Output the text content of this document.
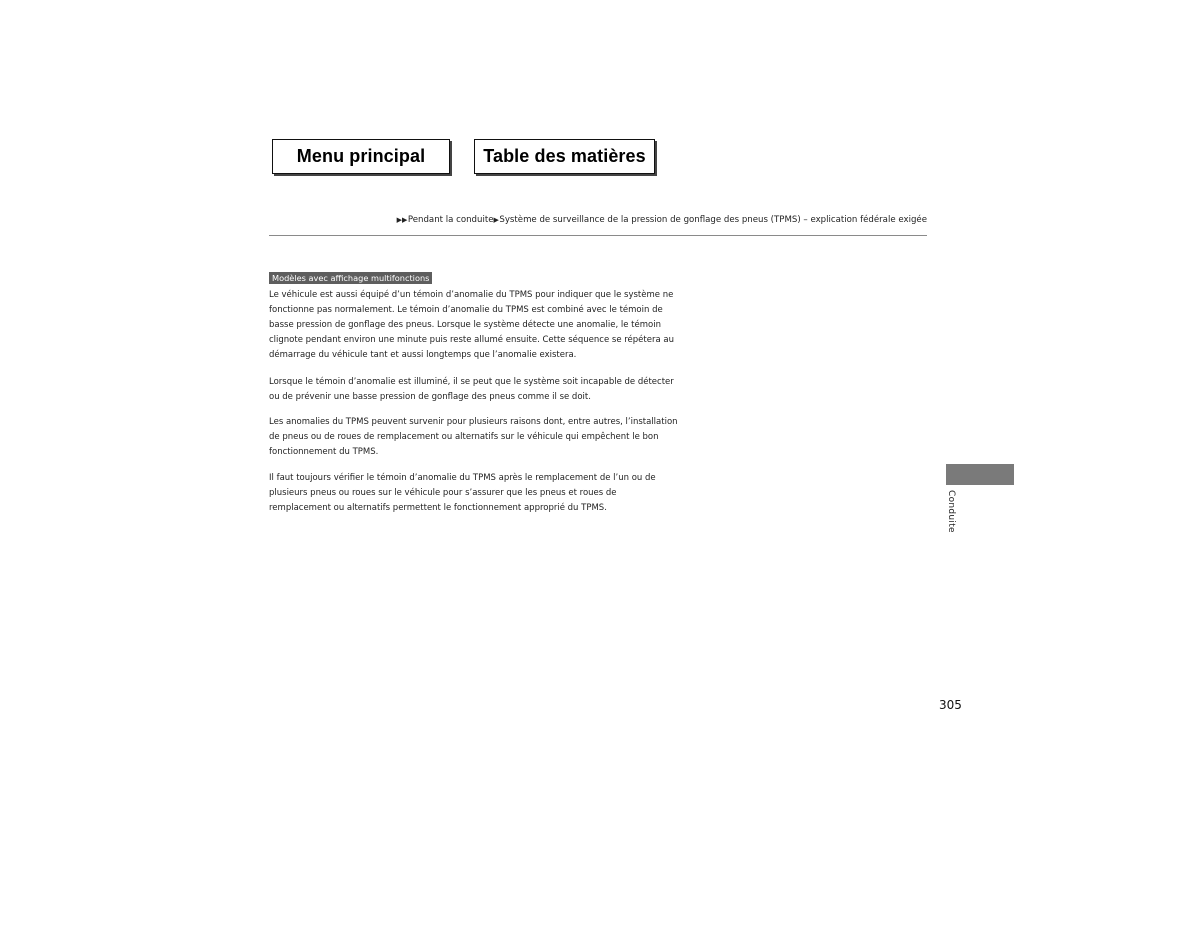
Menu principal	Table des matières
▶▶ Pendant la conduite ▶ Système de surveillance de la pression de gonflage des pneus (TPMS) – explication fédérale exigée
Modèles avec affichage multifonctions

Le véhicule est aussi équipé d’un témoin d’anomalie du TPMS pour indiquer que le système ne fonctionne pas normalement. Le témoin d’anomalie du TPMS est combiné avec le témoin de basse pression de gonflage des pneus. Lorsque le système détecte une anomalie, le témoin clignote pendant environ une minute puis reste allumé ensuite. Cette séquence se répétera au démarrage du véhicule tant et aussi longtemps que l’anomalie existera.

Lorsque le témoin d’anomalie est illuminé, il se peut que le système soit incapable de détecter ou de prévenir une basse pression de gonflage des pneus comme il se doit.

Les anomalies du TPMS peuvent survenir pour plusieurs raisons dont, entre autres, l’installation de pneus ou de roues de remplacement ou alternatifs sur le véhicule qui empêchent le bon fonctionnement du TPMS.

Il faut toujours vérifier le témoin d’anomalie du TPMS après le remplacement de l’un ou de plusieurs pneus ou roues sur le véhicule pour s’assurer que les pneus et roues de remplacement ou alternatifs permettent le fonctionnement approprié du TPMS.	Conduite
305
